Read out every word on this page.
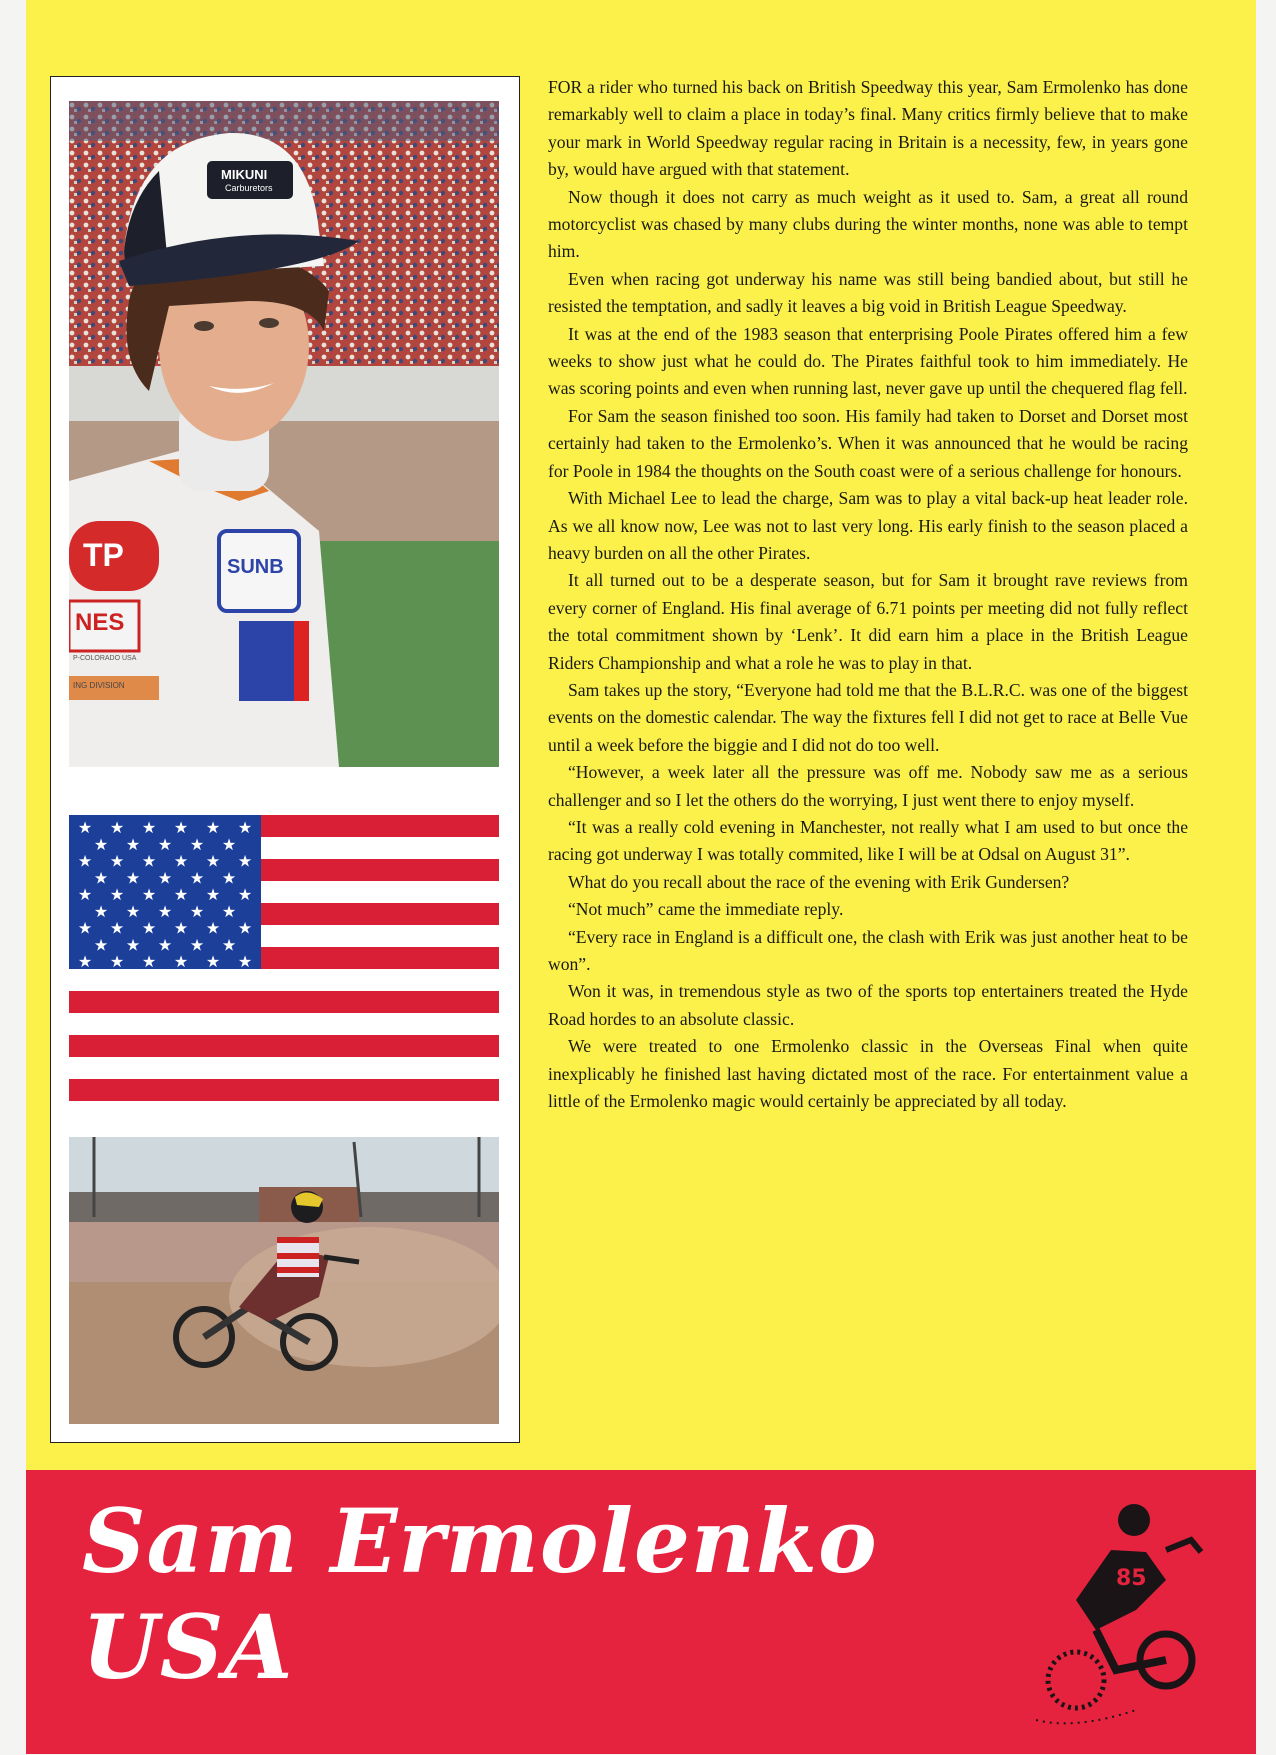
MIKUNI
Carburetors
TP	SUNB
NES
P-COLORADO USA
ING DIVISION
★ ★ ★ ★ ★ ★
★ ★ ★ ★ ★
★ ★ ★ ★ ★ ★
★ ★ ★ ★ ★
★ ★ ★ ★ ★ ★
★ ★ ★ ★ ★
★ ★ ★ ★ ★ ★
★ ★ ★ ★ ★
★ ★ ★ ★ ★ ★

FOR a rider who turned his back on British Speedway this year, Sam Ermolenko has done remarkably well to claim a place in today’s final. Many critics firmly believe that to make your mark in World Speedway regular racing in Britain is a necessity, few, in years gone by, would have argued with that statement.

Now though it does not carry as much weight as it used to. Sam, a great all round motorcyclist was chased by many clubs during the winter months, none was able to tempt him.

Even when racing got underway his name was still being bandied about, but still he resisted the temptation, and sadly it leaves a big void in British League Speedway.

It was at the end of the 1983 season that enterprising Poole Pirates offered him a few weeks to show just what he could do. The Pirates faithful took to him immediately. He was scoring points and even when running last, never gave up until the chequered flag fell.

For Sam the season finished too soon. His family had taken to Dorset and Dorset most certainly had taken to the Ermolenko’s. When it was announced that he would be racing for Poole in 1984 the thoughts on the South coast were of a serious challenge for honours.

With Michael Lee to lead the charge, Sam was to play a vital back-up heat leader role. As we all know now, Lee was not to last very long. His early finish to the season placed a heavy burden on all the other Pirates.

It all turned out to be a desperate season, but for Sam it brought rave reviews from every corner of England. His final average of 6.71 points per meeting did not fully reflect the total commitment shown by ‘Lenk’. It did earn him a place in the British League Riders Championship and what a role he was to play in that.

Sam takes up the story, “Everyone had told me that the B.L.R.C. was one of the biggest events on the domestic calendar. The way the fixtures fell I did not get to race at Belle Vue until a week before the biggie and I did not do too well.

“However, a week later all the pressure was off me. Nobody saw me as a serious challenger and so I let the others do the worrying, I just went there to enjoy myself.

“It was a really cold evening in Manchester, not really what I am used to but once the racing got underway I was totally commited, like I will be at Odsal on August 31”.

What do you recall about the race of the evening with Erik Gundersen?

“Not much” came the immediate reply.

“Every race in England is a difficult one, the clash with Erik was just another heat to be won”.

Won it was, in tremendous style as two of the sports top entertainers treated the Hyde Road hordes to an absolute classic.

We were treated to one Ermolenko classic in the Overseas Final when quite inexplicably he finished last having dictated most of the race. For entertainment value a little of the Ermolenko magic would certainly be appreciated by all today.

Sam Ermolenko
USA
85
